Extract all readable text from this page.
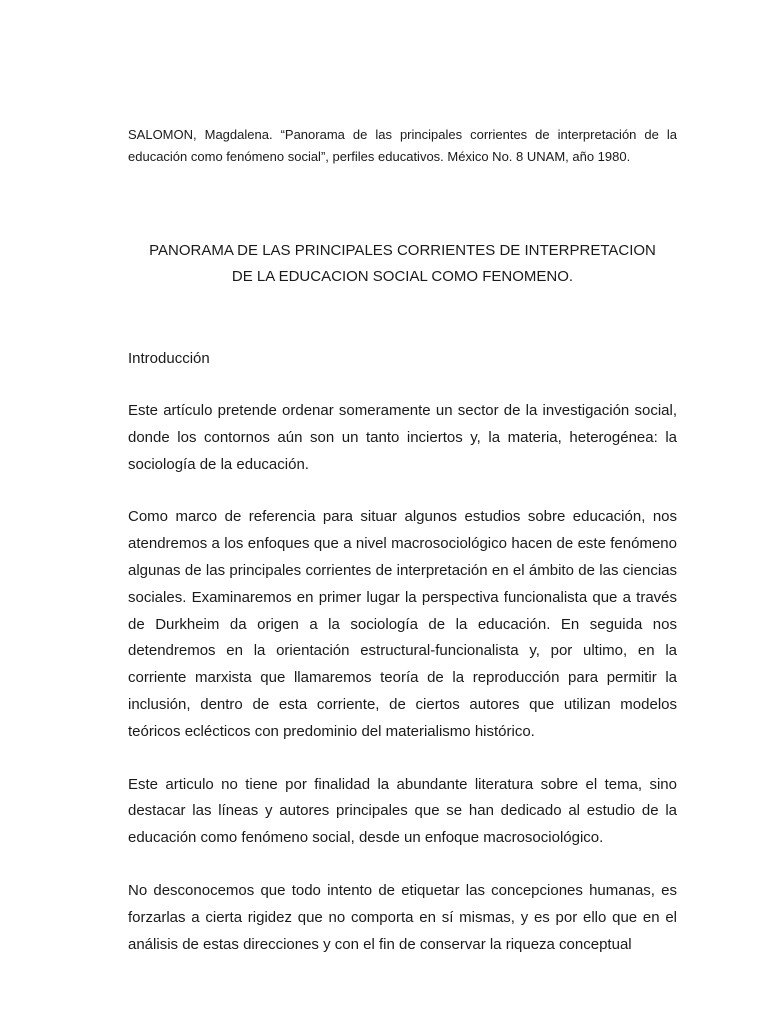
SALOMON, Magdalena. “Panorama de las principales corrientes de interpretación de la educación como fenómeno social”, perfiles educativos. México No. 8 UNAM, año 1980.

PANORAMA DE LAS PRINCIPALES CORRIENTES DE INTERPRETACION
DE LA EDUCACION SOCIAL COMO FENOMENO.
Introducción

Este artículo pretende ordenar someramente un sector de la investigación social, donde los contornos aún son un tanto inciertos y, la materia, heterogénea: la sociología de la educación.

Como marco de referencia para situar algunos estudios sobre educación, nos atendremos a los enfoques que a nivel macrosociológico hacen de este fenómeno algunas de las principales corrientes de interpretación en el ámbito de las ciencias sociales. Examinaremos en primer lugar la perspectiva funcionalista que a través de Durkheim da origen a la sociología de la educación. En seguida nos detendremos en la orientación estructural-funcionalista y, por ultimo, en la corriente marxista que llamaremos teoría de la reproducción para permitir la inclusión, dentro de esta corriente, de ciertos autores que utilizan modelos teóricos eclécticos con predominio del materialismo histórico.

Este articulo no tiene por finalidad la abundante literatura sobre el tema, sino destacar las líneas y autores principales que se han dedicado al estudio de la educación como fenómeno social, desde un enfoque macrosociológico.

No desconocemos que todo intento de etiquetar las concepciones humanas, es forzarlas a cierta rigidez que no comporta en sí mismas, y es por ello que en el análisis de estas direcciones y con el fin de conservar la riqueza conceptual
